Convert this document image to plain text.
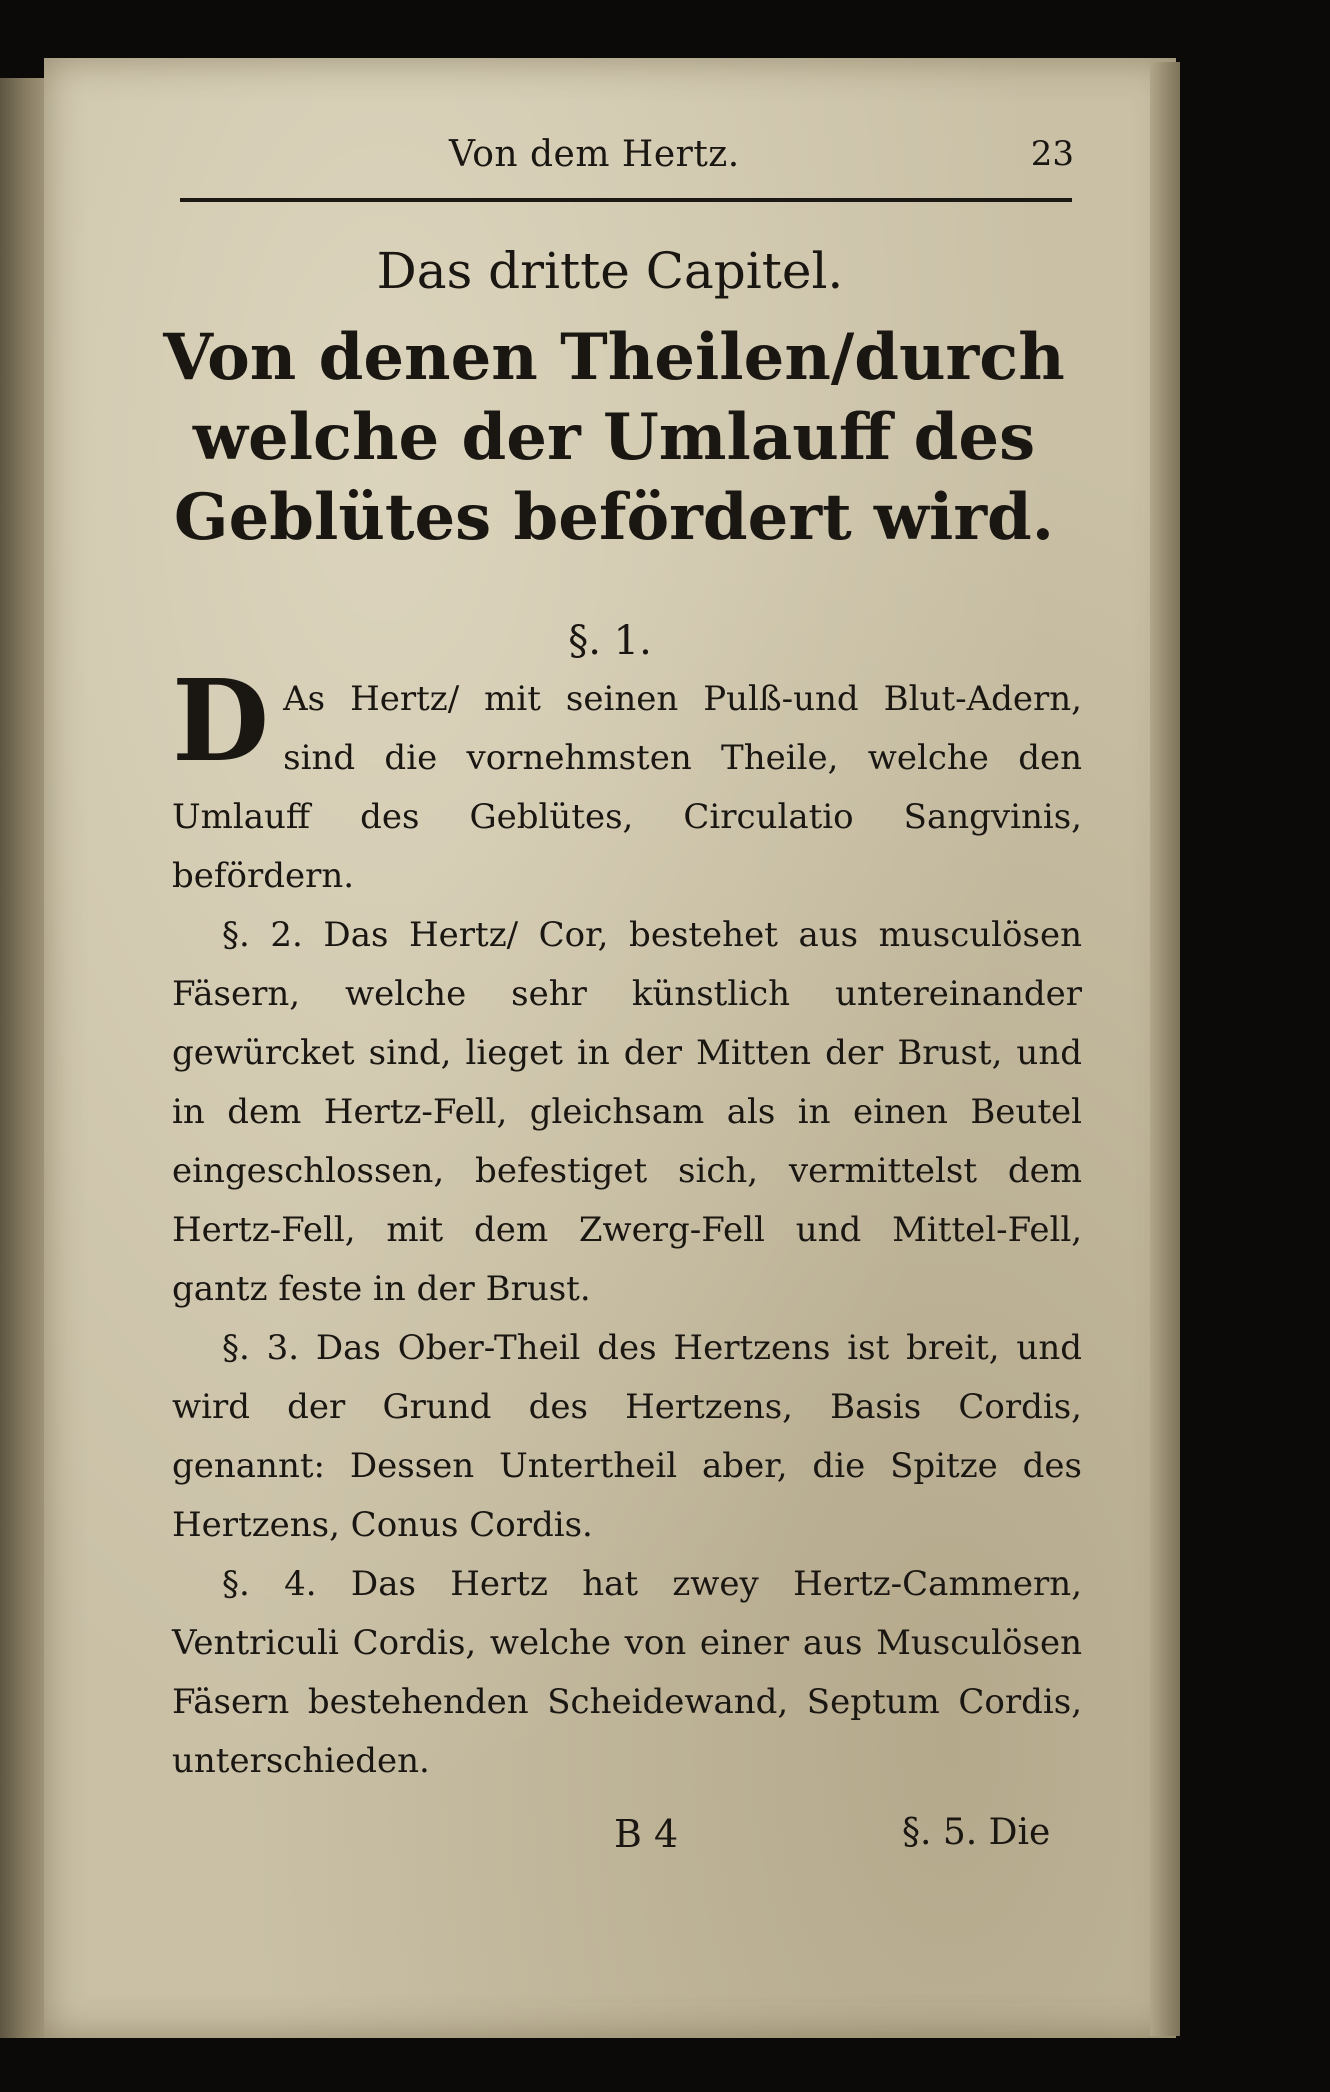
Von dem Hertz.	23
Das dritte Capitel.
Von denen Theilen/durch welche der Umlauff des Geblütes befördert wird.
§. 1.

D As Hertz/ mit seinen Pulß-und Blut-Adern, sind die vornehmsten Theile, welche den Umlauff des Geblütes, Circulatio Sangvinis, befördern.

§. 2. Das Hertz/ Cor, bestehet aus musculösen Fäsern, welche sehr künstlich untereinander gewürcket sind, lieget in der Mitten der Brust, und in dem Hertz-Fell, gleichsam als in einen Beutel eingeschlossen, befestiget sich, vermittelst dem Hertz-Fell, mit dem Zwerg-Fell und Mittel-Fell, gantz feste in der Brust.

§. 3. Das Ober-Theil des Hertzens ist breit, und wird der Grund des Hertzens, Basis Cordis, genannt: Dessen Untertheil aber, die Spitze des Hertzens, Conus Cordis.

§. 4. Das Hertz hat zwey Hertz-Cammern, Ventriculi Cordis, welche von einer aus Musculösen Fäsern bestehenden Scheidewand, Septum Cordis, unterschieden.

B 4	§. 5. Die
